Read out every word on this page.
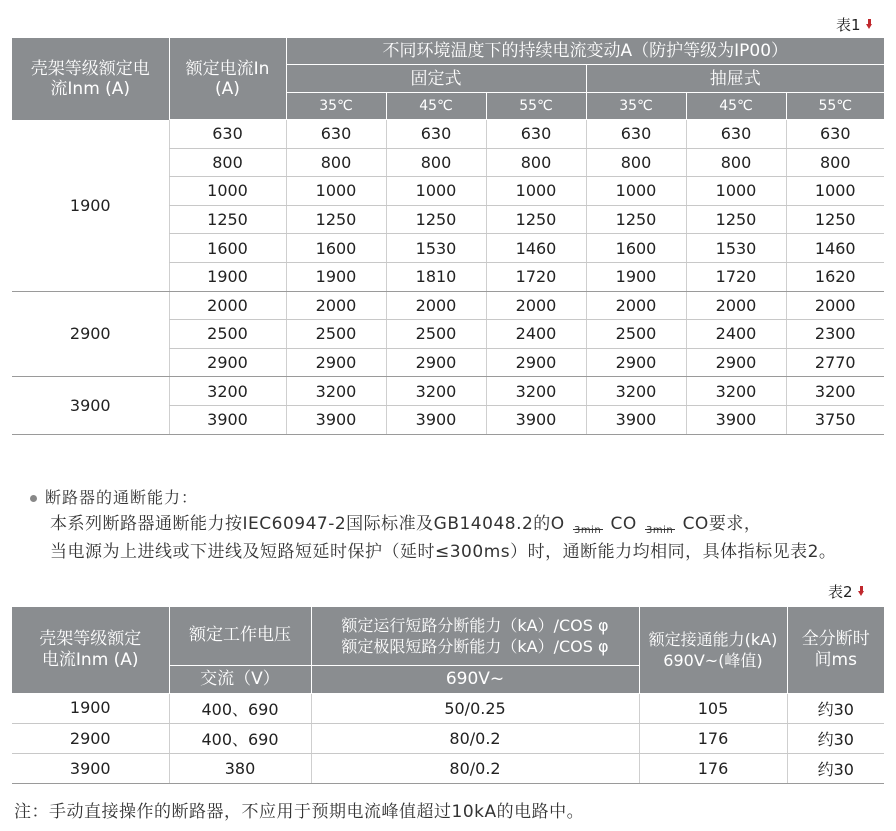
表1
壳架等级额定电流Inm (A)	额定电流In (A)	不同环境温度下的持续电流变动A（防护等级为IP00）					
		固定式			抽屉式		
		35℃	45℃	55℃	35℃	45℃	55℃
1900	630	630	630	630	630	630	630
	800	800	800	800	800	800	800
	1000	1000	1000	1000	1000	1000	1000
	1250	1250	1250	1250	1250	1250	1250
	1600	1600	1530	1460	1600	1530	1460
	1900	1900	1810	1720	1900	1720	1620
2900	2000	2000	2000	2000	2000	2000	2000
	2500	2500	2500	2400	2500	2400	2300
	2900	2900	2900	2900	2900	2900	2770
3900	3200	3200	3200	3200	3200	3200	3200
	3900	3900	3900	3900	3900	3900	3750
断路器的通断能力：
本系列断路器通断能力按IEC60947-2国际标准及GB14048.2的O 3min CO 3min CO要求，
当电源为上进线或下进线及短路短延时保护（延时≤300ms）时，通断能力均相同，具体指标见表2。
表2
壳架等级额定电流Inm (A)	额定工作电压	额定运行短路分断能力（kA）/COS φ
额定极限短路分断能力（kA）/COS φ	额定接通能力(kA) 690V~(峰值)	全分断时间ms
	交流（V）	690V~		
1900	400、690	50/0.25	105	约30
2900	400、690	80/0.2	176	约30
3900	380	80/0.2	176	约30
注：手动直接操作的断路器，不应用于预期电流峰值超过10kA的电路中。
